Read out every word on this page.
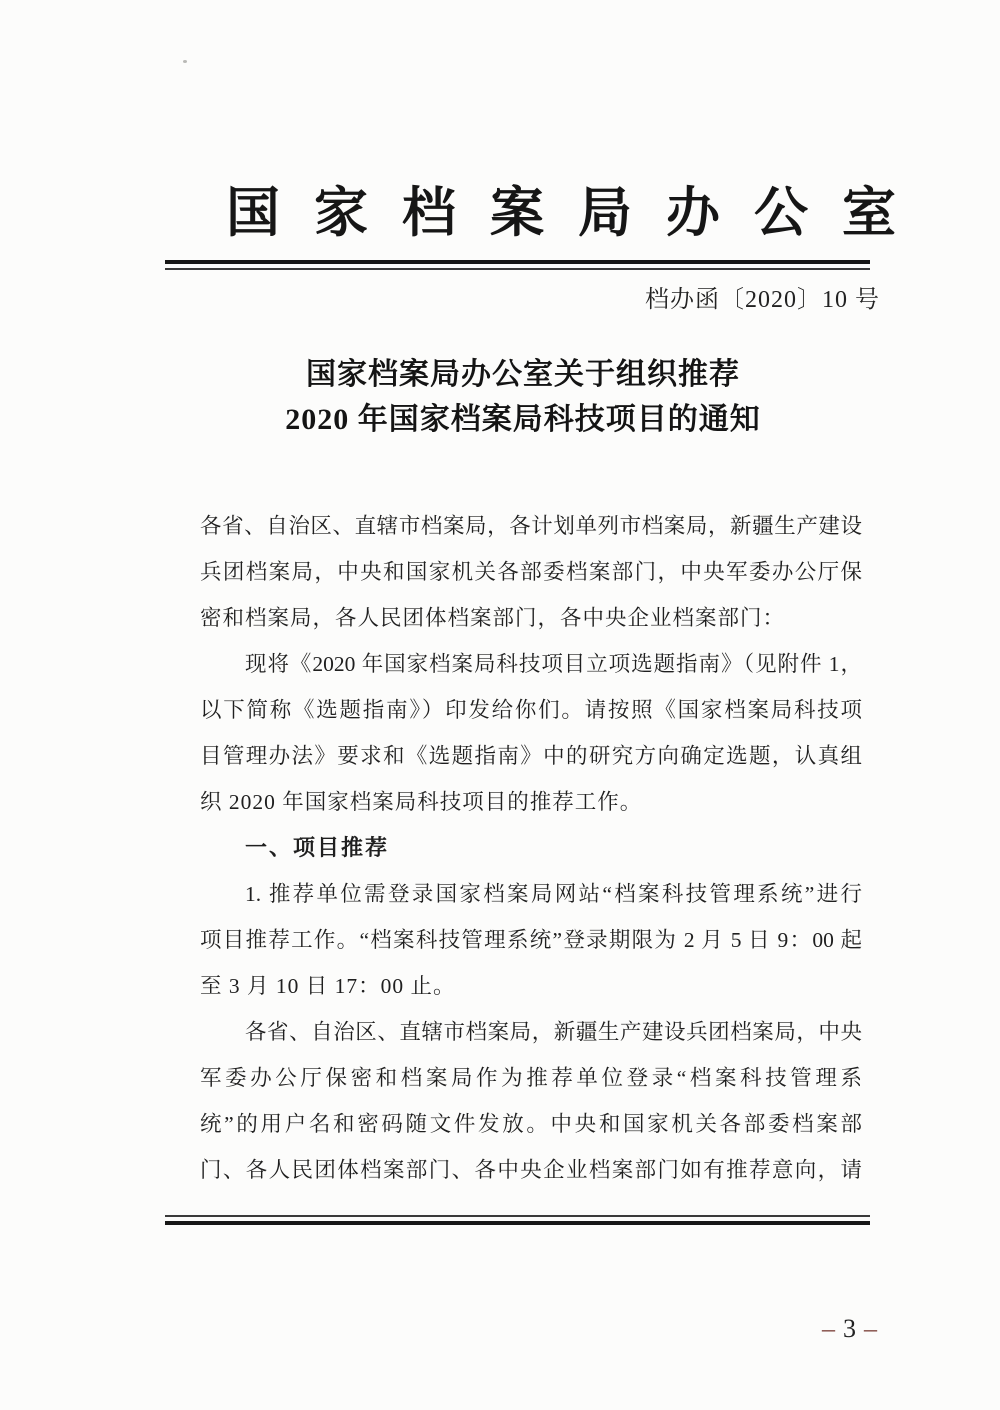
国家档案局办公室
档办函〔2020〕10 号
国家档案局办公室关于组织推荐
2020 年国家档案局科技项目的通知
各省、自治区、直辖市档案局，各计划单列市档案局，新疆生产建设
兵团档案局，中央和国家机关各部委档案部门，中央军委办公厅保
密和档案局，各人民团体档案部门，各中央企业档案部门：
现将《2020 年国家档案局科技项目立项选题指南》（见附件 1，
以下简称《选题指南》）印发给你们。请按照《国家档案局科技项
目管理办法》要求和《选题指南》中的研究方向确定选题，认真组
织 2020 年国家档案局科技项目的推荐工作。
一、项目推荐
1. 推荐单位需登录国家档案局网站“档案科技管理系统”进行
项目推荐工作。“档案科技管理系统”登录期限为 2 月 5 日 9：00 起
至 3 月 10 日 17：00 止。
各省、自治区、直辖市档案局，新疆生产建设兵团档案局，中央
军委办公厅保密和档案局作为推荐单位登录“档案科技管理系
统”的用户名和密码随文件发放。中央和国家机关各部委档案部
门、各人民团体档案部门、各中央企业档案部门如有推荐意向，请
– 3 –
